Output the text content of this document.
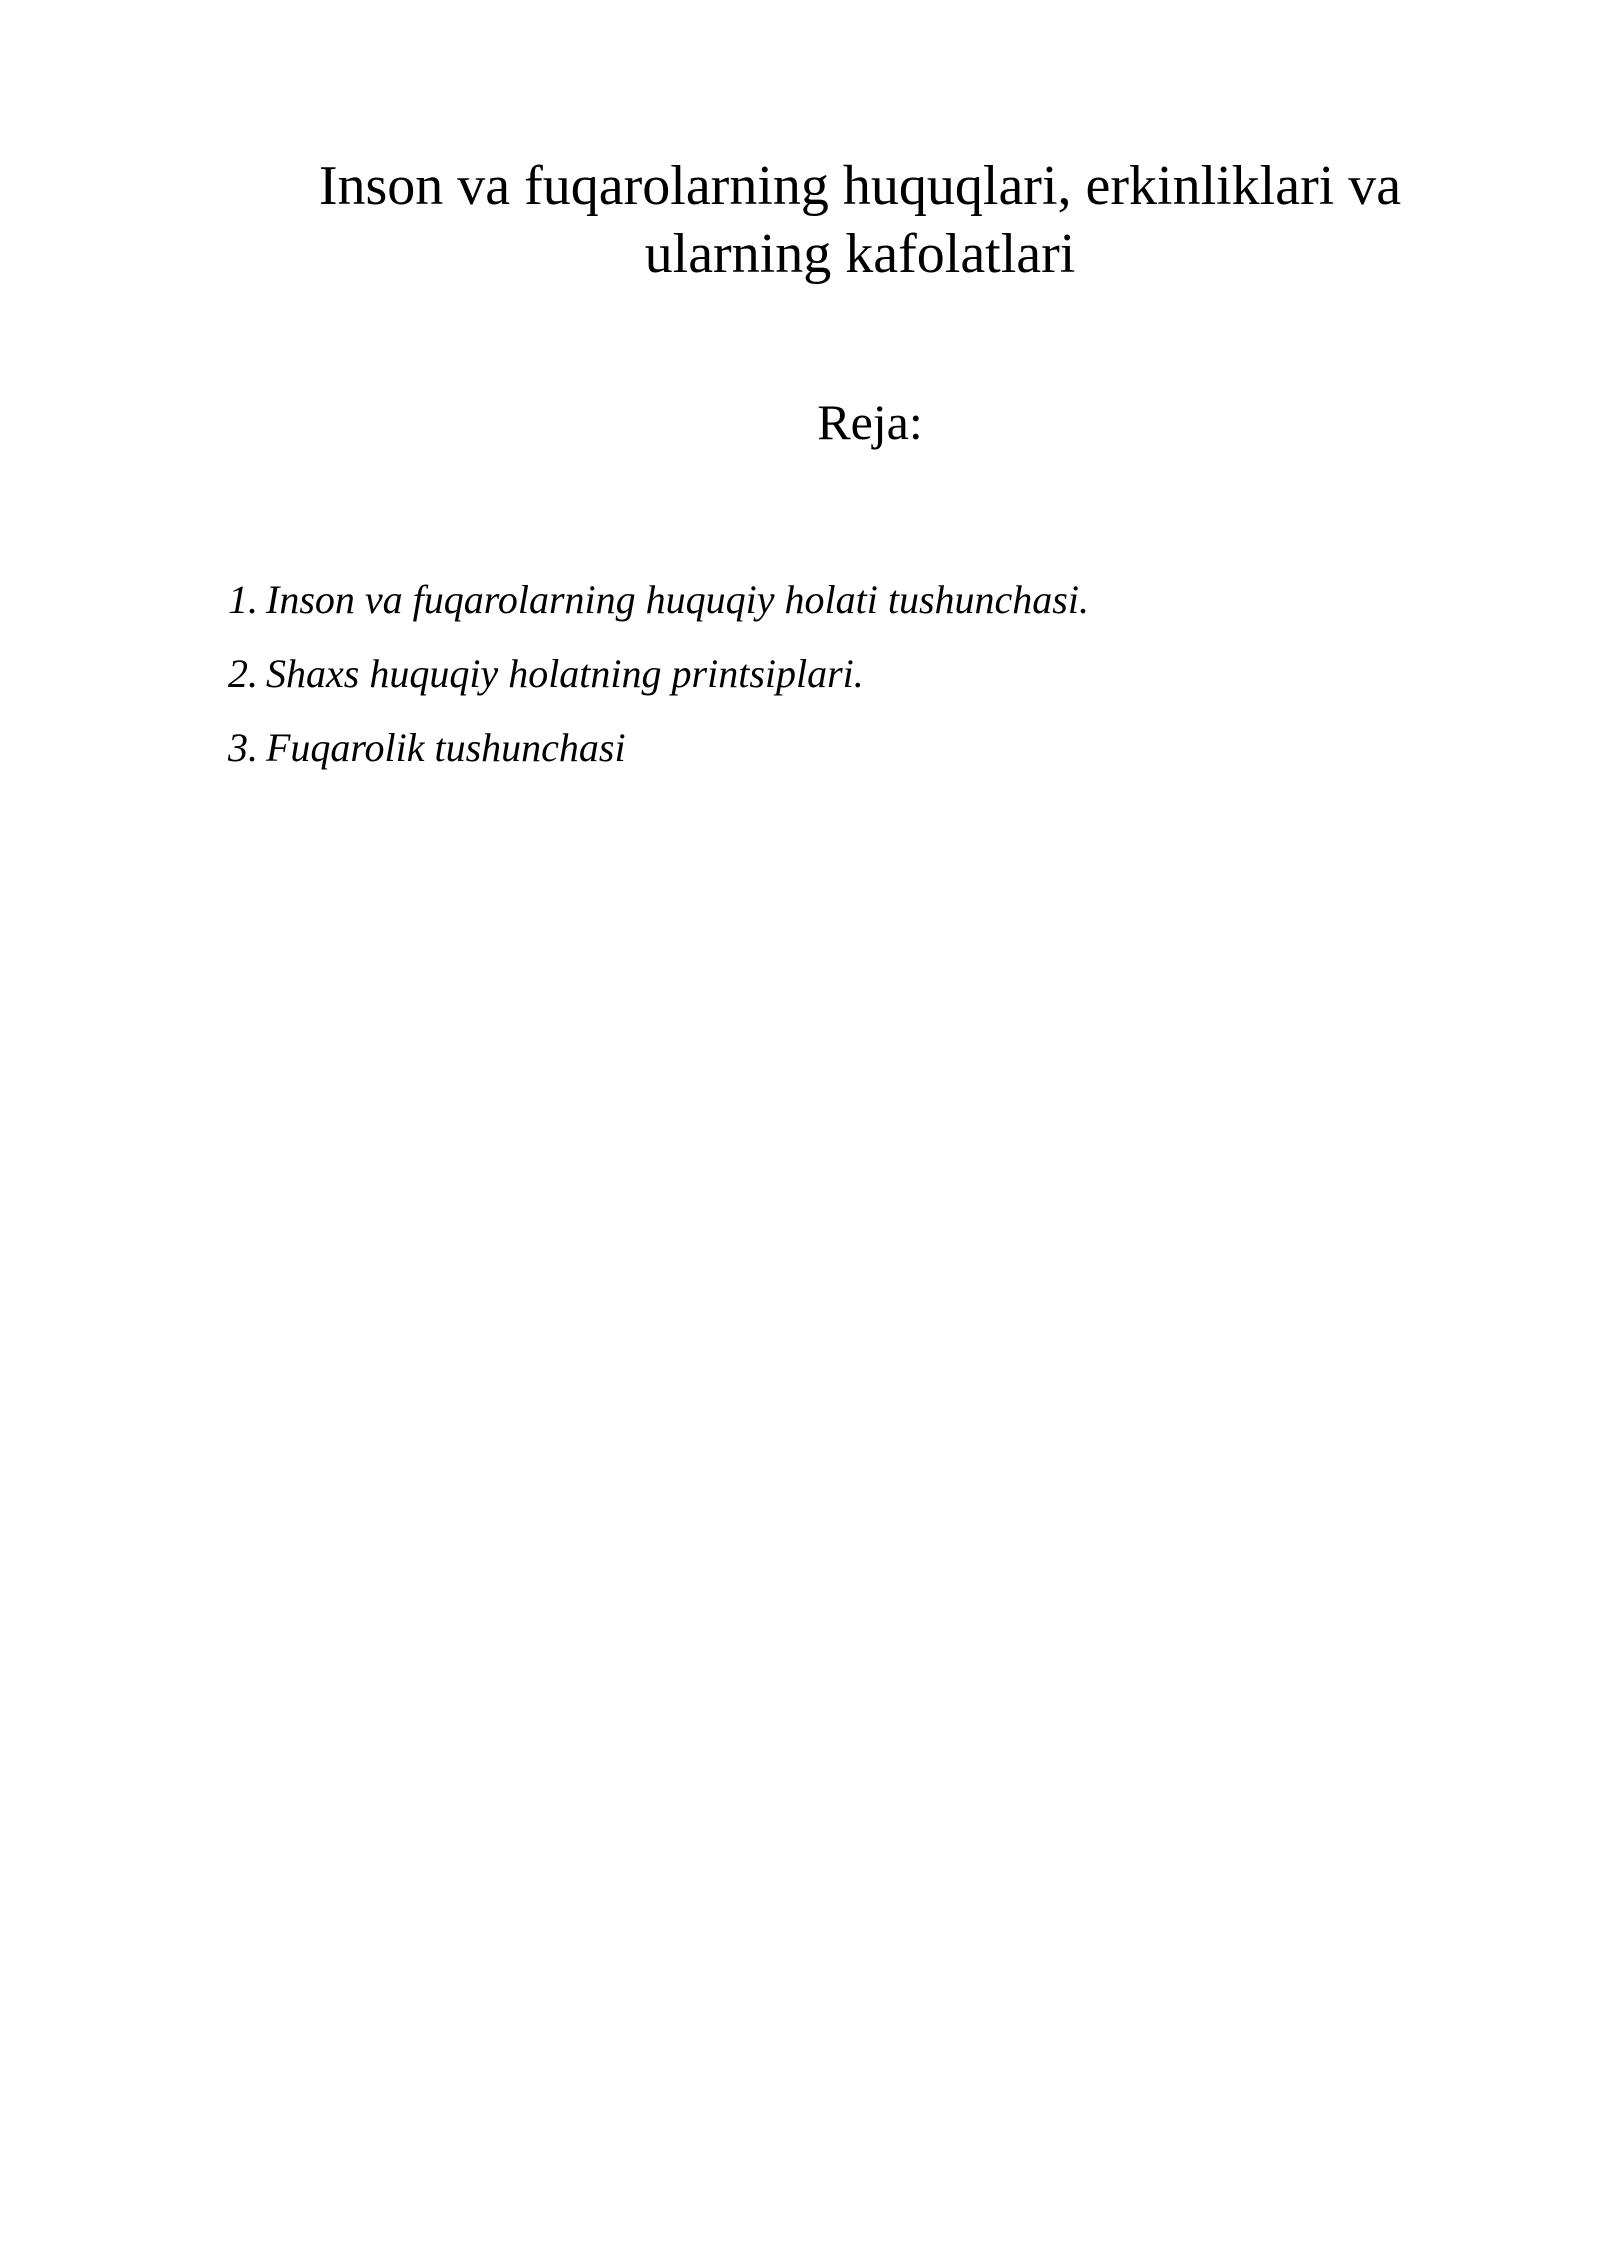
Inson va fuqarolarning huquqlari, erkinliklari va ularning kafolatlari
Reja:
1. Inson va fuqarolarning huquqiy holati tushunchasi.
2. Shaxs huquqiy holatning printsiplari.
3. Fuqarolik tushunchasi
